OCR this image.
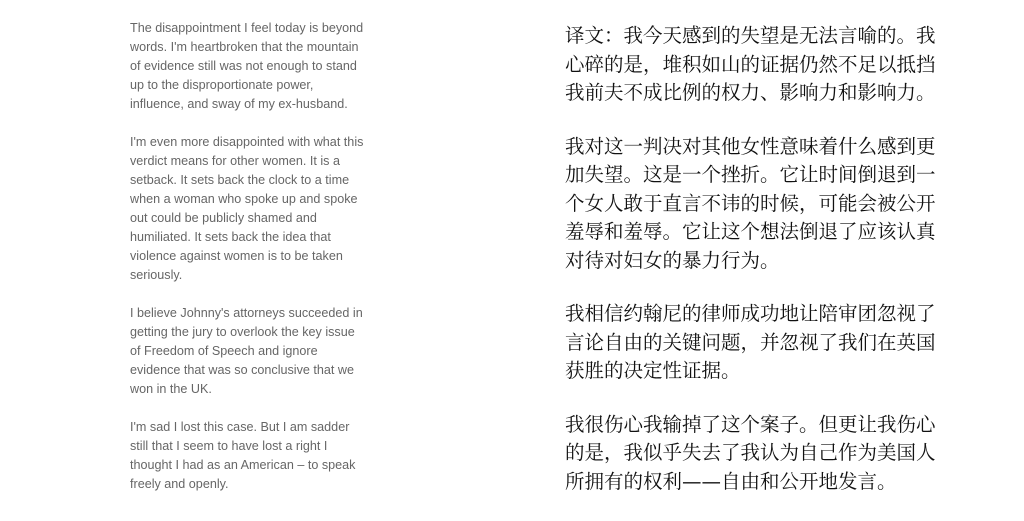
The disappointment I feel today is beyond
words. I'm heartbroken that the mountain
of evidence still was not enough to stand
up to the disproportionate power,
influence, and sway of my ex-husband.

I'm even more disappointed with what this
verdict means for other women. It is a
setback. It sets back the clock to a time
when a woman who spoke up and spoke
out could be publicly shamed and
humiliated. It sets back the idea that
violence against women is to be taken
seriously.

I believe Johnny's attorneys succeeded in
getting the jury to overlook the key issue
of Freedom of Speech and ignore
evidence that was so conclusive that we
won in the UK.

I'm sad I lost this case. But I am sadder
still that I seem to have lost a right I
thought I had as an American – to speak
freely and openly.

译文：我今天感到的失望是无法言喻的。我
心碎的是，堆积如山的证据仍然不足以抵挡
我前夫不成比例的权力、影响力和影响力。

我对这一判决对其他女性意味着什么感到更
加失望。这是一个挫折。它让时间倒退到一
个女人敢于直言不讳的时候，可能会被公开
羞辱和羞辱。它让这个想法倒退了应该认真
对待对妇女的暴力行为。

我相信约翰尼的律师成功地让陪审团忽视了
言论自由的关键问题，并忽视了我们在英国
获胜的决定性证据。

我很伤心我输掉了这个案子。但更让我伤心
的是，我似乎失去了我认为自己作为美国人
所拥有的权利——自由和公开地发言。
